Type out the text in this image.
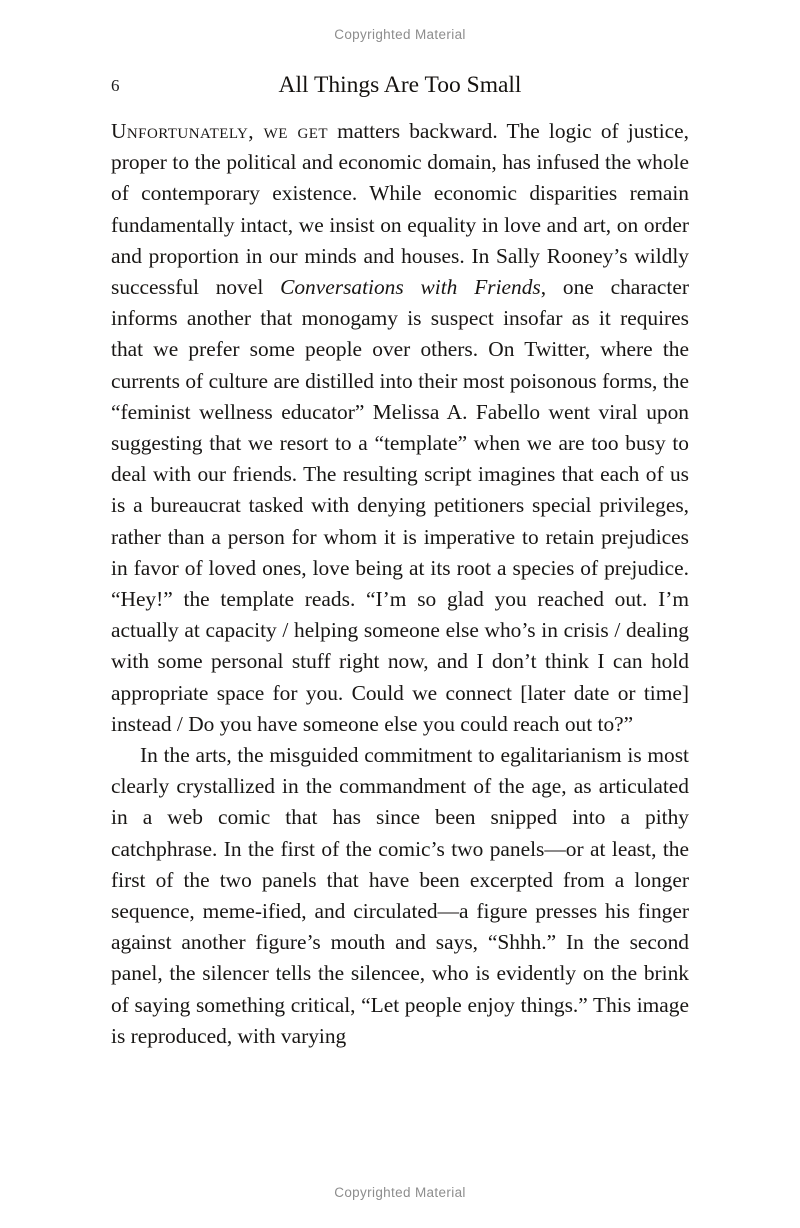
Copyrighted Material
6	All Things Are Too Small

Unfortunately, we get matters backward. The logic of justice, proper to the political and economic domain, has infused the whole of contemporary existence. While economic disparities remain fundamentally intact, we insist on equality in love and art, on order and proportion in our minds and houses. In Sally Rooney’s wildly successful novel Conversations with Friends, one character informs another that monogamy is suspect insofar as it requires that we prefer some people over others. On Twitter, where the currents of culture are distilled into their most poisonous forms, the “feminist wellness educator” Melissa A. Fabello went viral upon suggesting that we resort to a “template” when we are too busy to deal with our friends. The resulting script imagines that each of us is a bureaucrat tasked with denying petitioners special privileges, rather than a person for whom it is imperative to retain prejudices in favor of loved ones, love being at its root a species of prejudice. “Hey!” the template reads. “I’m so glad you reached out. I’m actually at capacity / helping someone else who’s in crisis / dealing with some personal stuff right now, and I don’t think I can hold appropriate space for you. Could we connect [later date or time] instead / Do you have someone else you could reach out to?”

In the arts, the misguided commitment to egalitarianism is most clearly crystallized in the commandment of the age, as articulated in a web comic that has since been snipped into a pithy catchphrase. In the first of the comic’s two panels—or at least, the first of the two panels that have been excerpted from a longer sequence, meme-ified, and circulated—a figure presses his finger against another figure’s mouth and says, “Shhh.” In the second panel, the silencer tells the silencee, who is evidently on the brink of saying something critical, “Let people enjoy things.” This image is reproduced, with varying

Copyrighted Material
